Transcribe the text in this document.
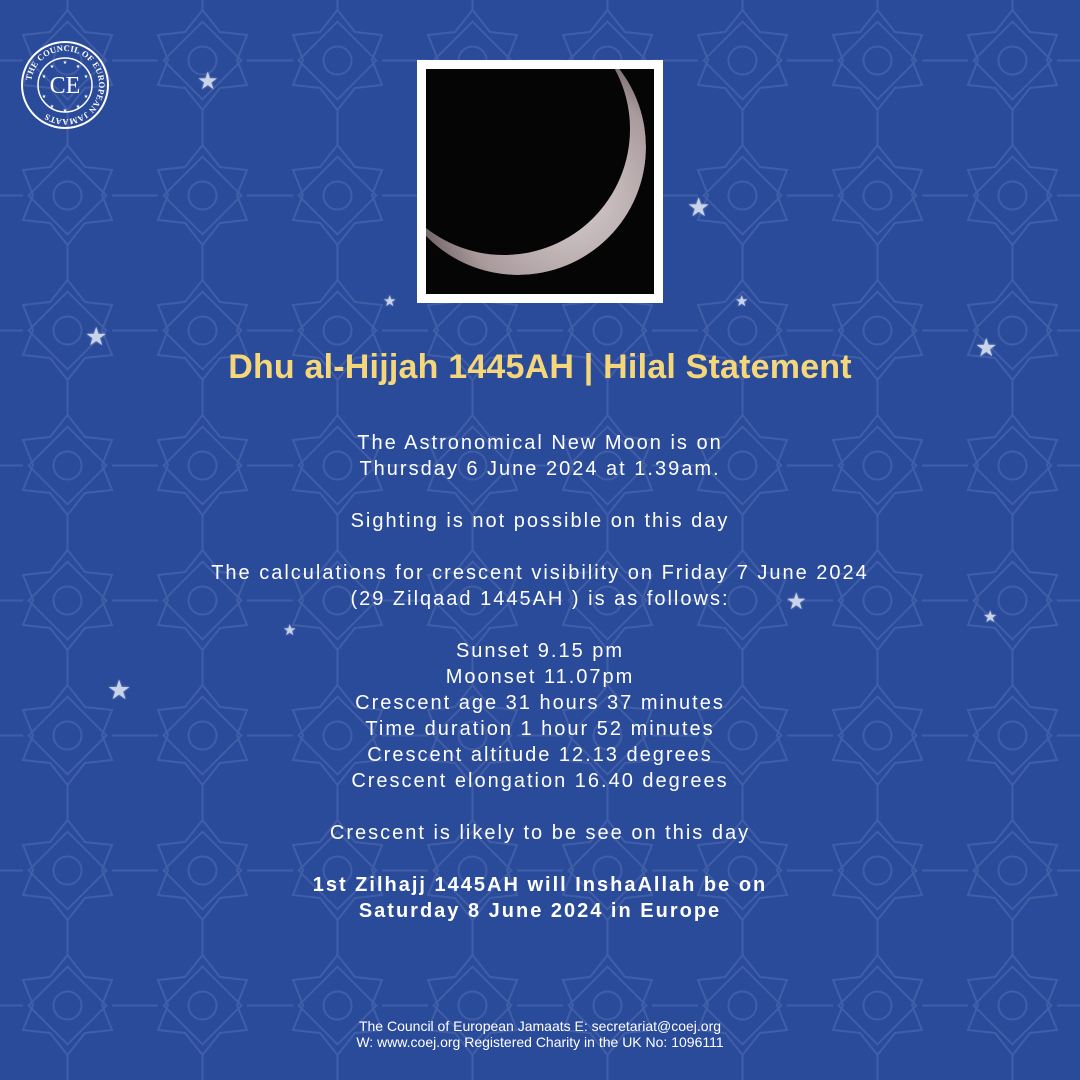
THE COUNCIL OF EUROPEAN JAMAATS
CE
★
★
★
★
★
★
★
★
★
★
★
★
★	★
★	★
★
★
★
★
Dhu al-Hijjah 1445AH | Hilal Statement
The Astronomical New Moon is on
Thursday 6 June 2024 at 1.39am.
Sighting is not possible on this day
The calculations for crescent visibility on Friday 7 June 2024
(29 Zilqaad 1445AH ) is as follows:
Sunset 9.15 pm
Moonset 11.07pm
Crescent age 31 hours 37 minutes
Time duration 1 hour 52 minutes
Crescent altitude 12.13 degrees
Crescent elongation 16.40 degrees
Crescent is likely to be see on this day
1st Zilhajj 1445AH will InshaAllah be on
Saturday 8 June 2024 in Europe
The Council of European Jamaats E: secretariat@coej.org
W: www.coej.org Registered Charity in the UK No: 1096111
